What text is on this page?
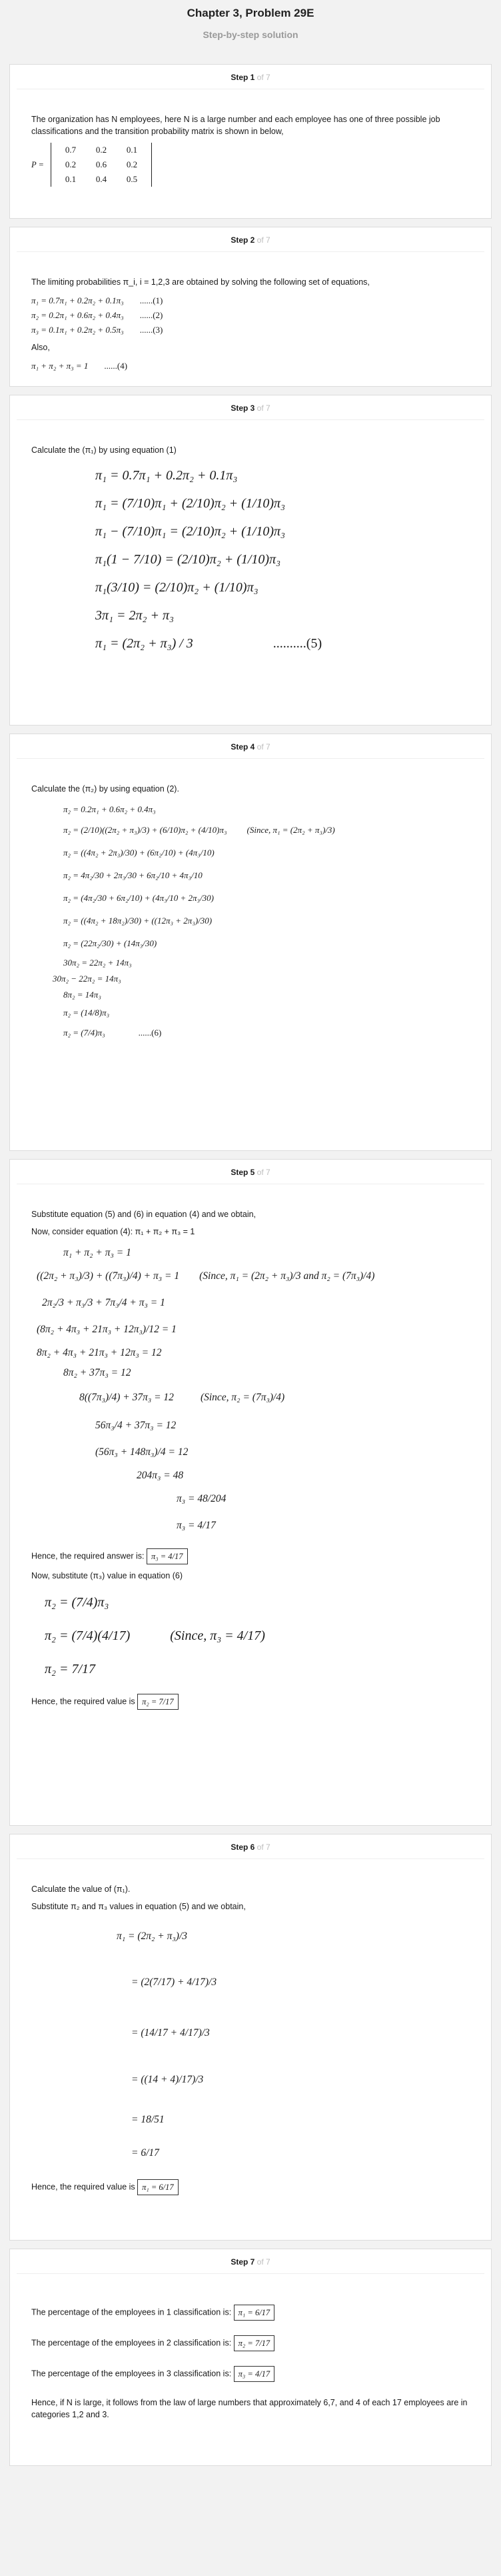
Chapter 3, Problem 29E
Step-by-step solution
Step 1 of 7
The organization has N employees, here N is a large number and each employee has one of three possible job classifications and the transition probability matrix is shown in below,
P =
0.7	0.2	0.1
0.2	0.6	0.2
0.1	0.4	0.5
Step 2 of 7
The limiting probabilities π_i, i = 1,2,3 are obtained by solving the following set of equations,
π₁ = 0.7π₁ + 0.2π₂ + 0.1π₃ ......(1)
π₂ = 0.2π₁ + 0.6π₂ + 0.4π₃ ......(2)
π₃ = 0.1π₁ + 0.2π₂ + 0.5π₃ ......(3)
Also,
π₁ + π₂ + π₃ = 1 ......(4)
Step 3 of 7
Calculate the (π₁) by using equation (1)
π₁ = 0.7π₁ + 0.2π₂ + 0.1π₃
π₁ = (7/10)π₁ + (2/10)π₂ + (1/10)π₃
π₁ − (7/10)π₁ = (2/10)π₂ + (1/10)π₃
π₁(1 − 7/10) = (2/10)π₂ + (1/10)π₃
π₁(3/10) = (2/10)π₂ + (1/10)π₃
3π₁ = 2π₂ + π₃
π₁ = (2π₂ + π₃) / 3	..........(5)
Step 4 of 7
Calculate the (π₂) by using equation (2).
π₂ = 0.2π₁ + 0.6π₂ + 0.4π₃
π₂ = (2/10)((2π₂ + π₃)/3) + (6/10)π₂ + (4/10)π₃ (Since, π₁ = (2π₂ + π₃)/3)
π₂ = ((4π₂ + 2π₃)/30) + (6π₂/10) + (4π₃/10)
π₂ = 4π₂/30 + 2π₃/30 + 6π₂/10 + 4π₃/10
π₂ = (4π₂/30 + 6π₂/10) + (4π₃/10 + 2π₃/30)
π₂ = ((4π₂ + 18π₂)/30) + ((12π₃ + 2π₃)/30)
π₂ = (22π₂/30) + (14π₃/30)
30π₂ = 22π₂ + 14π₃
30π₂ − 22π₂ = 14π₃
8π₂ = 14π₃
π₂ = (14/8)π₃
π₂ = (7/4)π₃	......(6)
Step 5 of 7
Substitute equation (5) and (6) in equation (4) and we obtain,
Now, consider equation (4): π₁ + π₂ + π₃ = 1
π₁ + π₂ + π₃ = 1
((2π₂ + π₃)/3) + ((7π₃)/4) + π₃ = 1 (Since, π₁ = (2π₂ + π₃)/3 and π₂ = (7π₃)/4)
2π₂/3 + π₃/3 + 7π₃/4 + π₃ = 1
(8π₂ + 4π₃ + 21π₃ + 12π₃)/12 = 1
8π₂ + 4π₃ + 21π₃ + 12π₃ = 12
8π₂ + 37π₃ = 12
8((7π₃)/4) + 37π₃ = 12	(Since, π₂ = (7π₃)/4)
56π₃/4 + 37π₃ = 12
(56π₃ + 148π₃)/4 = 12
204π₃ = 48
π₃ = 48/204
π₃ = 4/17
Hence, the required answer is: π₃ = 4/17
Now, substitute (π₃) value in equation (6)
π₂ = (7/4)π₃
π₂ = (7/4)(4/17)	(Since, π₃ = 4/17)
π₂ = 7/17
Hence, the required value is π₂ = 7/17
Step 6 of 7
Calculate the value of (π₁).
Substitute π₂ and π₃ values in equation (5) and we obtain,
π₁ = (2π₂ + π₃)/3
= (2(7/17) + 4/17)/3
= (14/17 + 4/17)/3
= ((14 + 4)/17)/3
= 18/51
= 6/17
Hence, the required value is π₁ = 6/17
Step 7 of 7
The percentage of the employees in 1 classification is: π₁ = 6/17
The percentage of the employees in 2 classification is: π₂ = 7/17
The percentage of the employees in 3 classification is: π₃ = 4/17
Hence, if N is large, it follows from the law of large numbers that approximately 6,7, and 4 of each 17 employees are in categories 1,2 and 3.
